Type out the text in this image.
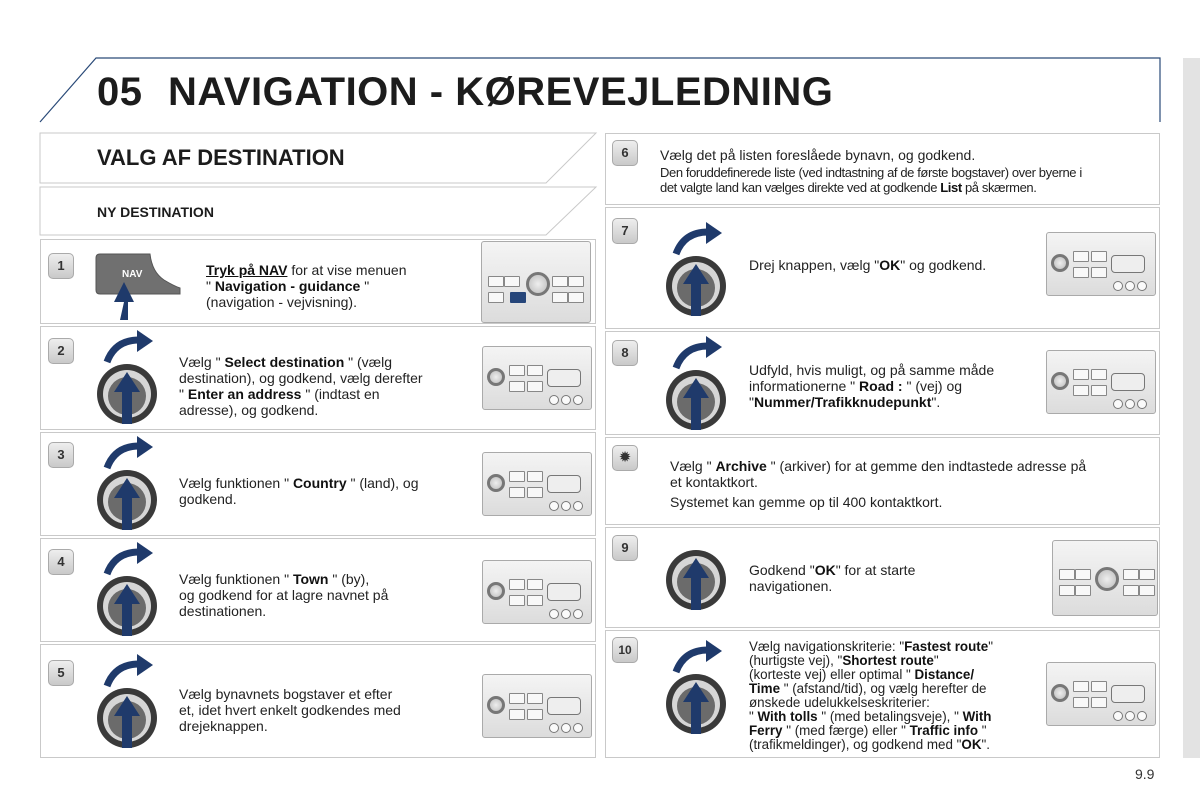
05 NAVIGATION - KØREVEJLEDNING
VALG AF DESTINATION
NY DESTINATION
1
2
3
4
5
6
7
8
✹
9
10
NAV	Tryk på NAV for at vise menuen
" Navigation - guidance "
(navigation - vejvisning).
Vælg " Select destination " (vælg
destination), og godkend, vælg derefter
" Enter an address " (indtast en
adresse), og godkend.
Vælg funktionen " Country " (land), og
godkend.
Vælg funktionen " Town " (by),
og godkend for at lagre navnet på
destinationen.
Vælg bynavnets bogstaver et efter
et, idet hvert enkelt godkendes med
drejeknappen.
Vælg det på listen foreslåede bynavn, og godkend.
Den foruddefinerede liste (ved indtastning af de første bogstaver) over byerne i
det valgte land kan vælges direkte ved at godkende List på skærmen.
Drej knappen, vælg "OK" og godkend.
Udfyld, hvis muligt, og på samme måde
informationerne " Road : " (vej) og
"Nummer/Trafikknudepunkt".
Vælg " Archive " (arkiver) for at gemme den indtastede adresse på
et kontaktkort.
Systemet kan gemme op til 400 kontaktkort.
Godkend "OK" for at starte
navigationen.
Vælg navigationskriterie: "Fastest route"
(hurtigste vej), "Shortest route"
(korteste vej) eller optimal " Distance/
Time " (afstand/tid), og vælg herefter de
ønskede udelukkelseskriterier:
" With tolls " (med betalingsveje), " With
Ferry " (med færge) eller " Traffic info "
(trafikmeldinger), og godkend med "OK".
9.9
